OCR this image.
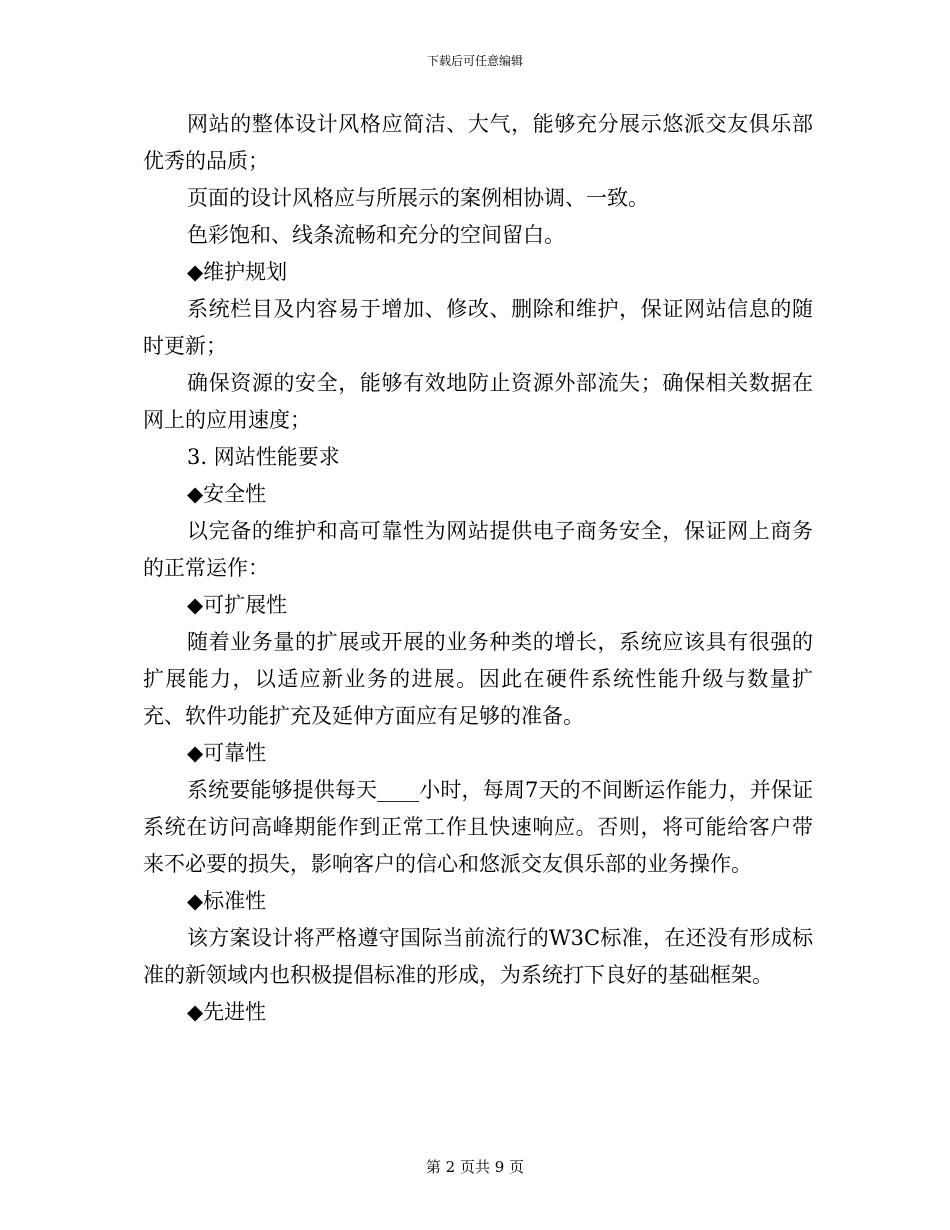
下载后可任意编辑

网站的整体设计风格应简洁、大气，能够充分展示悠派交友俱乐部优秀的品质；

页面的设计风格应与所展示的案例相协调、一致。

色彩饱和、线条流畅和充分的空间留白。

◆维护规划

系统栏目及内容易于增加、修改、删除和维护，保证网站信息的随时更新；

确保资源的安全，能够有效地防止资源外部流失；确保相关数据在网上的应用速度；

3. 网站性能要求

◆安全性

以完备的维护和高可靠性为网站提供电子商务安全，保证网上商务的正常运作：

◆可扩展性

随着业务量的扩展或开展的业务种类的增长，系统应该具有很强的扩展能力，以适应新业务的进展。因此在硬件系统性能升级与数量扩充、软件功能扩充及延伸方面应有足够的准备。

◆可靠性

系统要能够提供每天____小时，每周7天的不间断运作能力，并保证系统在访问高峰期能作到正常工作且快速响应。否则，将可能给客户带来不必要的损失，影响客户的信心和悠派交友俱乐部的业务操作。

◆标准性

该方案设计将严格遵守国际当前流行的W3C标准，在还没有形成标准的新领域内也积极提倡标准的形成，为系统打下良好的基础框架。

◆先进性

第 2 页共 9 页
